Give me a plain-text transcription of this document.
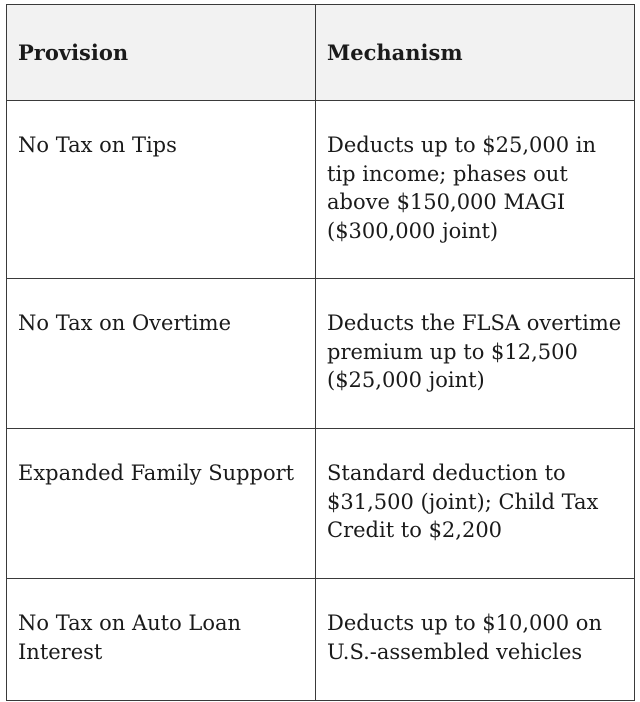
Provision	Mechanism
No Tax on Tips	Deducts up to $25,000 in tip income; phases out above $150,000 MAGI ($300,000 joint)
No Tax on Overtime	Deducts the FLSA overtime premium up to $12,500 ($25,000 joint)
Expanded Family Support	Standard deduction to $31,500 (joint); Child Tax Credit to $2,200
No Tax on Auto Loan Interest	Deducts up to $10,000 on U.S.-assembled vehicles
